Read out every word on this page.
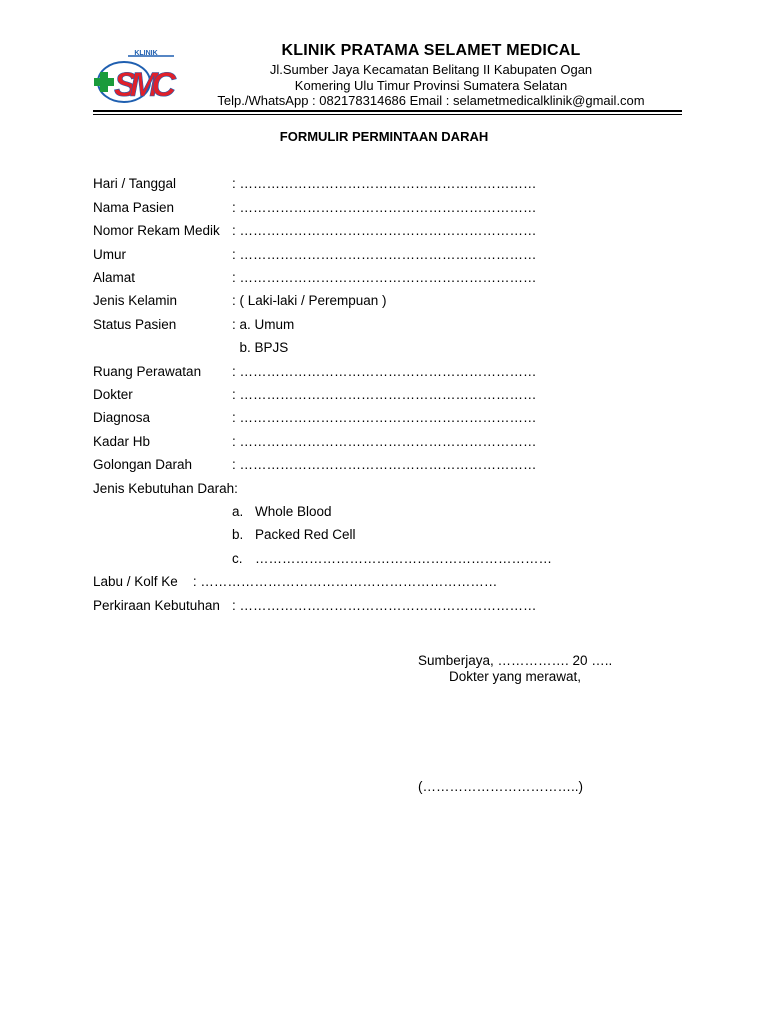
KLINIK
SMC
KLINIK PRATAMA SELAMET MEDICAL
Jl.Sumber Jaya Kecamatan Belitang II Kabupaten Ogan
Komering Ulu Timur Provinsi Sumatera Selatan
Telp./WhatsApp : 082178314686 Email : selametmedicalklinik@gmail.com
FORMULIR PERMINTAAN DARAH
Hari / Tanggal	: …………………………………………………………
Nama Pasien	: …………………………………………………………
Nomor Rekam Medik : …………………………………………………………
Umur	: …………………………………………………………
Alamat	: …………………………………………………………
Jenis Kelamin	: ( Laki-laki / Perempuan )
Status Pasien	: a. Umum
b. BPJS
Ruang Perawatan : …………………………………………………………
Dokter	: …………………………………………………………
Diagnosa	: …………………………………………………………
Kadar Hb	: …………………………………………………………
Golongan Darah	: …………………………………………………………
Jenis Kebutuhan Darah:
a. Whole Blood
b. Packed Red Cell
c. …………………………………………………………
Labu / Kolf Ke    : …………………………………………………………
Perkiraan Kebutuhan : …………………………………………………………
Sumberjaya, ……………. 20 …..
Dokter yang merawat,
(……………………………..)
